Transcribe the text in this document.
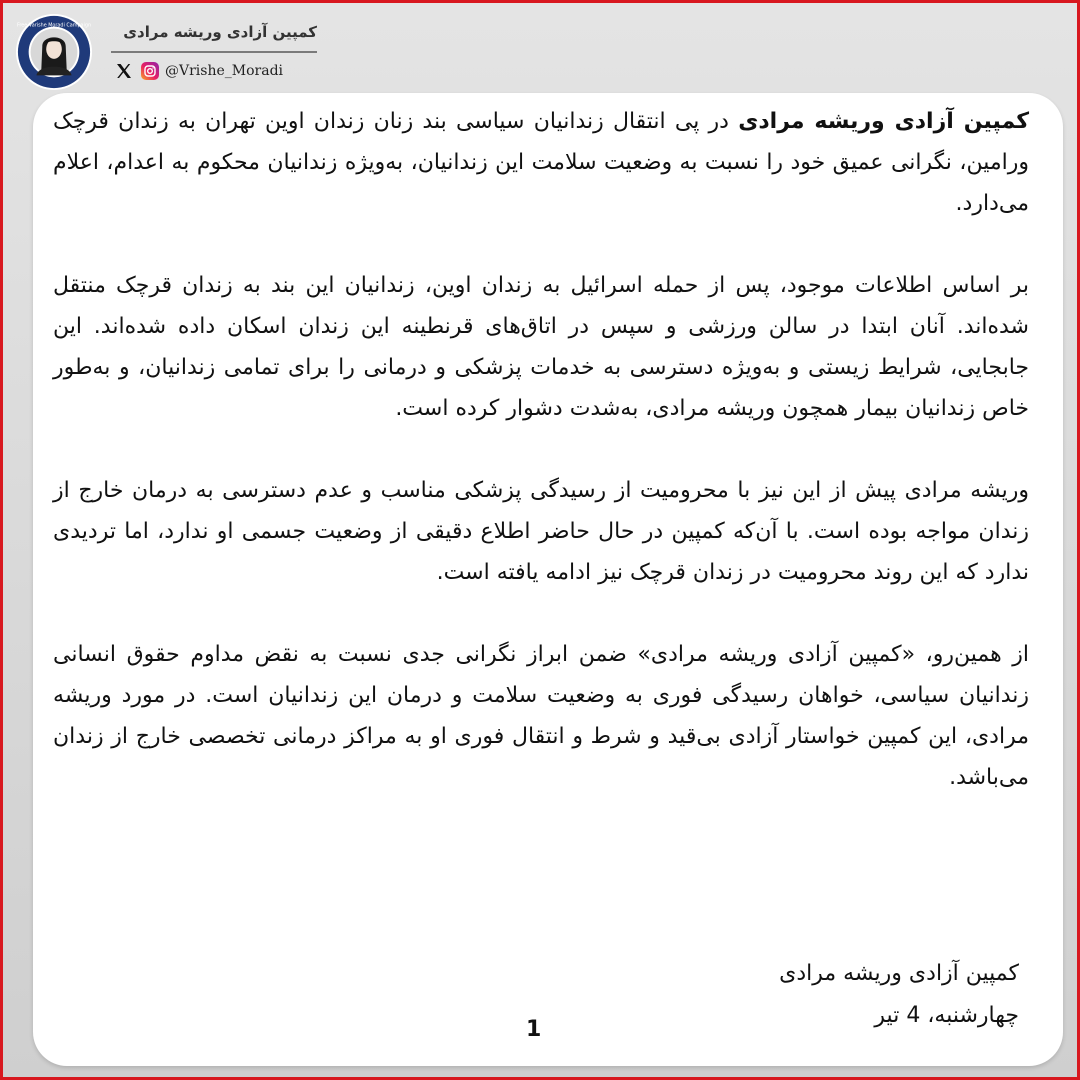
Free Varishe Moradi Campaign کمپین آزادی وریشه مرادی
@Vrishe_Moradi

کمپین آزادی وریشه مرادی در پی انتقال زندانیان سیاسی بند زنان زندان اوین تهران به زندان قرچک ورامین، نگرانی عمیق خود را نسبت به وضعیت سلامت این زندانیان، به‌ویژه زندانیان محکوم به اعدام، اعلام می‌دارد.

بر اساس اطلاعات موجود، پس از حمله اسرائیل به زندان اوین، زندانیان این بند به زندان قرچک منتقل شده‌اند. آنان ابتدا در سالن ورزشی و سپس در اتاق‌های قرنطینه این زندان اسکان داده شده‌اند. این جابجایی، شرایط زیستی و به‌ویژه دسترسی به خدمات پزشکی و درمانی را برای تمامی زندانیان، و به‌طور خاص زندانیان بیمار همچون وریشه مرادی، به‌شدت دشوار کرده است.

وریشه مرادی پیش از این نیز با محرومیت از رسیدگی پزشکی مناسب و عدم دسترسی به درمان خارج از زندان مواجه بوده است. با آن‌که کمپین در حال حاضر اطلاع دقیقی از وضعیت جسمی او ندارد، اما تردیدی ندارد که این روند محرومیت در زندان قرچک نیز ادامه یافته است.

از همین‌رو، «کمپین آزادی وریشه مرادی» ضمن ابراز نگرانی جدی نسبت به نقض مداوم حقوق انسانی زندانیان سیاسی، خواهان رسیدگی فوری به وضعیت سلامت و درمان این زندانیان است. در مورد وریشه مرادی، این کمپین خواستار آزادی بی‌قید و شرط و انتقال فوری او به مراکز درمانی تخصصی خارج از زندان می‌باشد.

کمپین آزادی وریشه مرادی
چهارشنبه، 4 تیر
1
